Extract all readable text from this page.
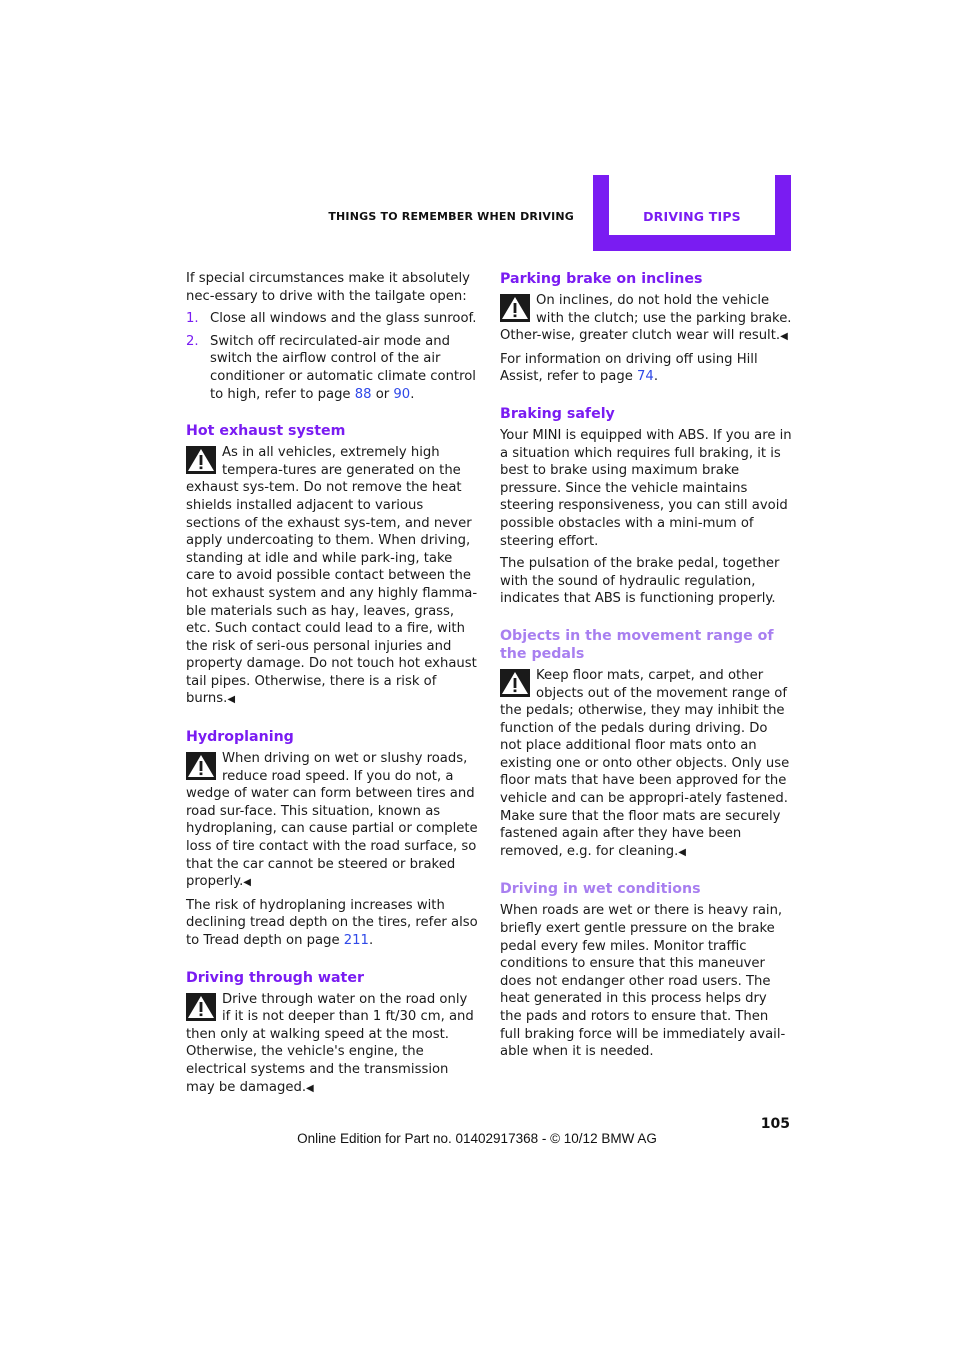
THINGS TO REMEMBER WHEN DRIVING	DRIVING TIPS

If special circumstances make it absolutely nec-essary to drive with the tailgate open:

1. Close all windows and the glass sunroof.
2. Switch off recirculated-air mode and switch the airflow control of the air conditioner or automatic climate control to high, refer to page 88 or 90.
Hot exhaust system
As in all vehicles, extremely high tempera-tures are generated on the exhaust sys-tem. Do not remove the heat shields installed adjacent to various sections of the exhaust sys-tem, and never apply undercoating to them. When driving, standing at idle and while park-ing, take care to avoid possible contact between the hot exhaust system and any highly flamma-ble materials such as hay, leaves, grass, etc. Such contact could lead to a fire, with the risk of seri-ous personal injuries and property damage. Do not touch hot exhaust tail pipes. Otherwise, there is a risk of burns.◀
Hydroplaning
When driving on wet or slushy roads, reduce road speed. If you do not, a wedge of water can form between tires and road sur-face. This situation, known as hydroplaning, can cause partial or complete loss of tire contact with the road surface, so that the car cannot be steered or braked properly.◀

The risk of hydroplaning increases with declining tread depth on the tires, refer also to Tread depth on page 211.

Driving through water
Drive through water on the road only if it is not deeper than 1 ft/30 cm, and then only at walking speed at the most. Otherwise, the vehicle's engine, the electrical systems and the transmission may be damaged.◀
Parking brake on inclines
On inclines, do not hold the vehicle with the clutch; use the parking brake. Other-wise, greater clutch wear will result.◀

For information on driving off using Hill Assist, refer to page 74.

Braking safely

Your MINI is equipped with ABS. If you are in a situation which requires full braking, it is best to brake using maximum brake pressure. Since the vehicle maintains steering responsiveness, you can still avoid possible obstacles with a mini-mum of steering effort.

The pulsation of the brake pedal, together with the sound of hydraulic regulation, indicates that ABS is functioning properly.

Objects in the movement range of the pedals
Keep floor mats, carpet, and other objects out of the movement range of the pedals; otherwise, they may inhibit the function of the pedals during driving. Do not place additional floor mats onto an existing one or onto other objects. Only use floor mats that have been approved for the vehicle and can be appropri-ately fastened. Make sure that the floor mats are securely fastened again after they have been removed, e.g. for cleaning.◀
Driving in wet conditions

When roads are wet or there is heavy rain, briefly exert gentle pressure on the brake pedal every few miles. Monitor traffic conditions to ensure that this maneuver does not endanger other road users. The heat generated in this process helps dry the pads and rotors to ensure that. Then full braking force will be immediately avail-able when it is needed.

105
Online Edition for Part no. 01402917368 - © 10/12 BMW AG
